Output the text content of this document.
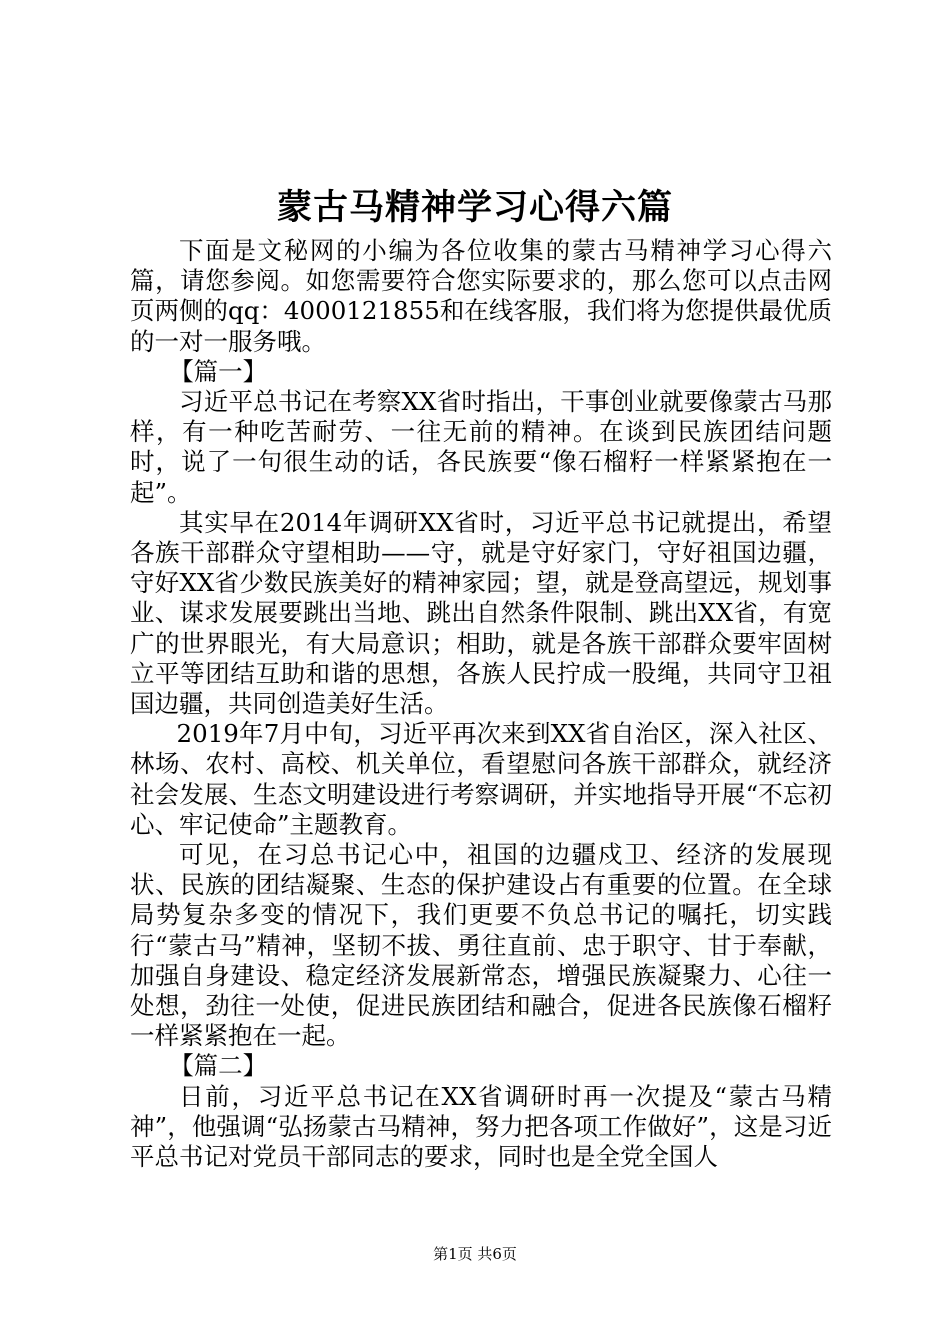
蒙古马精神学习心得六篇

下面是文秘网的小编为各位收集的蒙古马精神学习心得六篇，请您参阅。如您需要符合您实际要求的，那么您可以点击网页两侧的qq：4000121855和在线客服，我们将为您提供最优质的一对一服务哦。

【篇一】

习近平总书记在考察XX省时指出，干事创业就要像蒙古马那样，有一种吃苦耐劳、一往无前的精神。在谈到民族团结问题时，说了一句很生动的话，各民族要“像石榴籽一样紧紧抱在一起”。

其实早在2014年调研XX省时，习近平总书记就提出，希望各族干部群众守望相助——守，就是守好家门，守好祖国边疆，守好XX省少数民族美好的精神家园；望，就是登高望远，规划事业、谋求发展要跳出当地、跳出自然条件限制、跳出XX省，有宽广的世界眼光，有大局意识；相助，就是各族干部群众要牢固树立平等团结互助和谐的思想，各族人民拧成一股绳，共同守卫祖国边疆，共同创造美好生活。

2019年7月中旬，习近平再次来到XX省自治区，深入社区、林场、农村、高校、机关单位，看望慰问各族干部群众，就经济社会发展、生态文明建设进行考察调研，并实地指导开展“不忘初心、牢记使命”主题教育。

可见，在习总书记心中，祖国的边疆戍卫、经济的发展现状、民族的团结凝聚、生态的保护建设占有重要的位置。在全球局势复杂多变的情况下，我们更要不负总书记的嘱托，切实践行“蒙古马”精神，坚韧不拔、勇往直前、忠于职守、甘于奉献，加强自身建设、稳定经济发展新常态，增强民族凝聚力、心往一处想，劲往一处使，促进民族团结和融合，促进各民族像石榴籽一样紧紧抱在一起。

【篇二】

日前，习近平总书记在XX省调研时再一次提及“蒙古马精神”，他强调“弘扬蒙古马精神，努力把各项工作做好”，这是习近平总书记对党员干部同志的要求，同时也是全党全国人

第1页 共6页
